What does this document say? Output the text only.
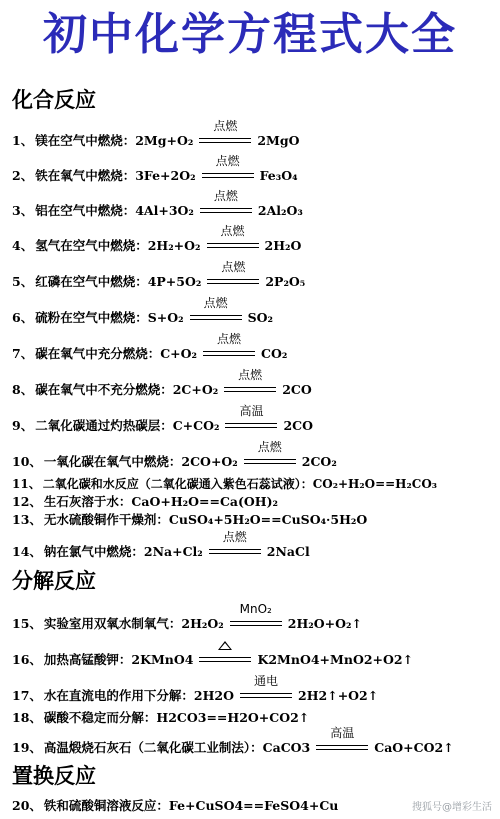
初中化学方程式大全
化合反应
1、 镁在空气中燃烧：2Mg+O₂
点燃
2MgO
2、 铁在氧气中燃烧：3Fe+2O₂
点燃
Fe₃O₄
3、 铝在空气中燃烧：4Al+3O₂
点燃
2Al₂O₃
4、 氢气在空气中燃烧：2H₂+O₂
点燃
2H₂O
5、 红磷在空气中燃烧：4P+5O₂
点燃
2P₂O₅
6、 硫粉在空气中燃烧：S+O₂
点燃
SO₂
7、 碳在氧气中充分燃烧：C+O₂
点燃
CO₂
8、 碳在氧气中不充分燃烧：2C+O₂
点燃
2CO
9、 二氧化碳通过灼热碳层：C+CO₂
高温
2CO
10、 一氧化碳在氧气中燃烧：2CO+O₂
点燃
2CO₂
11、 二氧化碳和水反应（二氧化碳通入紫色石蕊试液）：CO₂+H₂O==H₂CO₃
12、 生石灰溶于水：CaO+H₂O==Ca(OH)₂
13、 无水硫酸铜作干燥剂：CuSO₄+5H₂O==CuSO₄·5H₂O
14、 钠在氯气中燃烧：2Na+Cl₂
点燃
2NaCl
分解反应
15、 实验室用双氧水制氧气：2H₂O₂
MnO₂
2H₂O+O₂↑
16、 加热高锰酸钾：2KMnO4	K2MnO4+MnO2+O2↑
17、 水在直流电的作用下分解：2H2O
通电
2H2↑+O2↑
18、 碳酸不稳定而分解：H2CO3==H2O+CO2↑
19、 高温煅烧石灰石（二氧化碳工业制法）：CaCO3
高温
CaO+CO2↑
置换反应
20、 铁和硫酸铜溶液反应：Fe+CuSO4==FeSO4+Cu	搜狐号@增彩生活
